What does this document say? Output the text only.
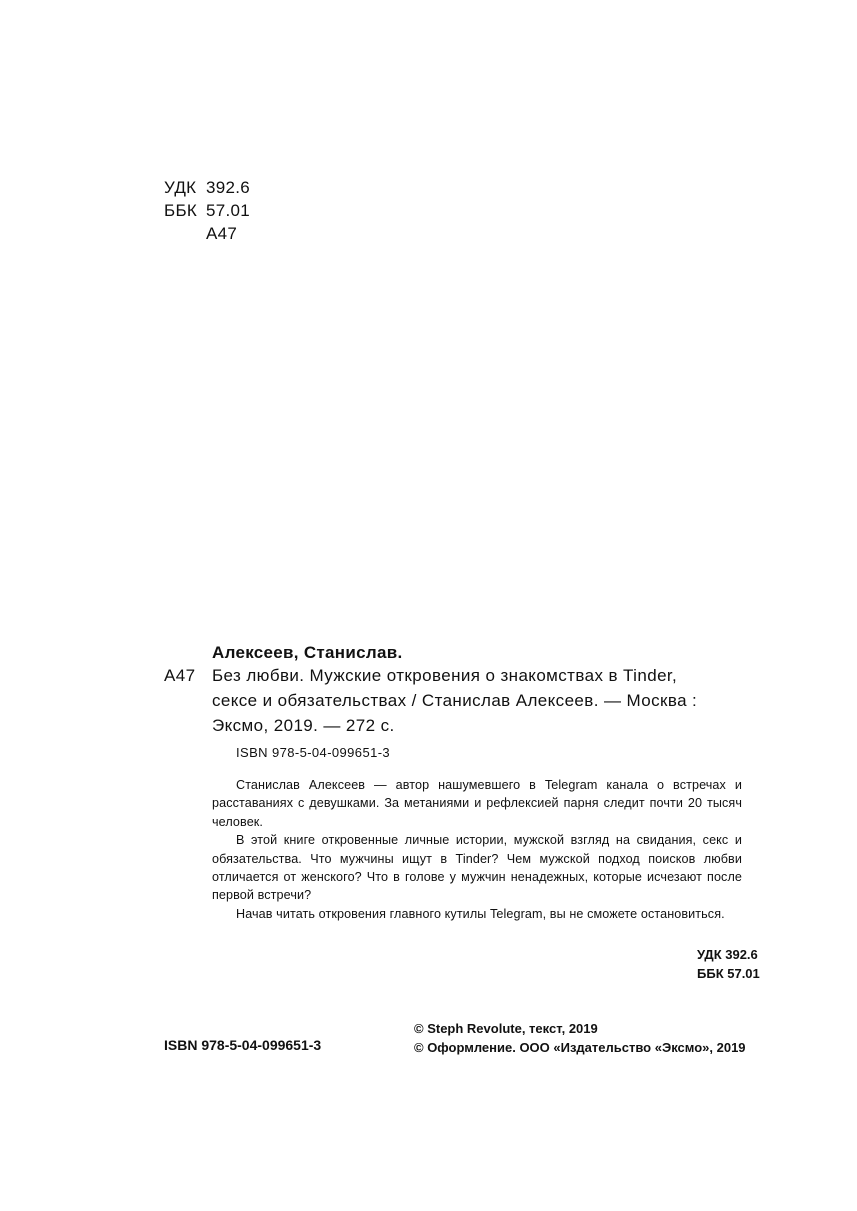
УДК 392.6
ББК 57.01
А47
Алексеев, Станислав.
А47 Без любви. Мужские откровения о знакомствах в Tinder,
сексе и обязательствах / Станислав Алексеев. — Москва :
Эксмо, 2019. — 272 с.
ISBN 978-5-04-099651-3

Станислав Алексеев — автор нашумевшего в Telegram канала о встречах и расставаниях с девушками. За метаниями и рефлексией парня следит почти 20 тысяч человек.

В этой книге откровенные личные истории, мужской взгляд на свидания, секс и обязательства. Что мужчины ищут в Tinder? Чем мужской подход поисков любви отличается от женского? Что в голове у мужчин ненадежных, которые исчезают после первой встречи?

Начав читать откровения главного кутилы Telegram, вы не сможете остановиться.

УДК 392.6
ББК 57.01
ISBN 978-5-04-099651-3
© Steph Revolute, текст, 2019
© Оформление. ООО «Издательство «Эксмо», 2019
